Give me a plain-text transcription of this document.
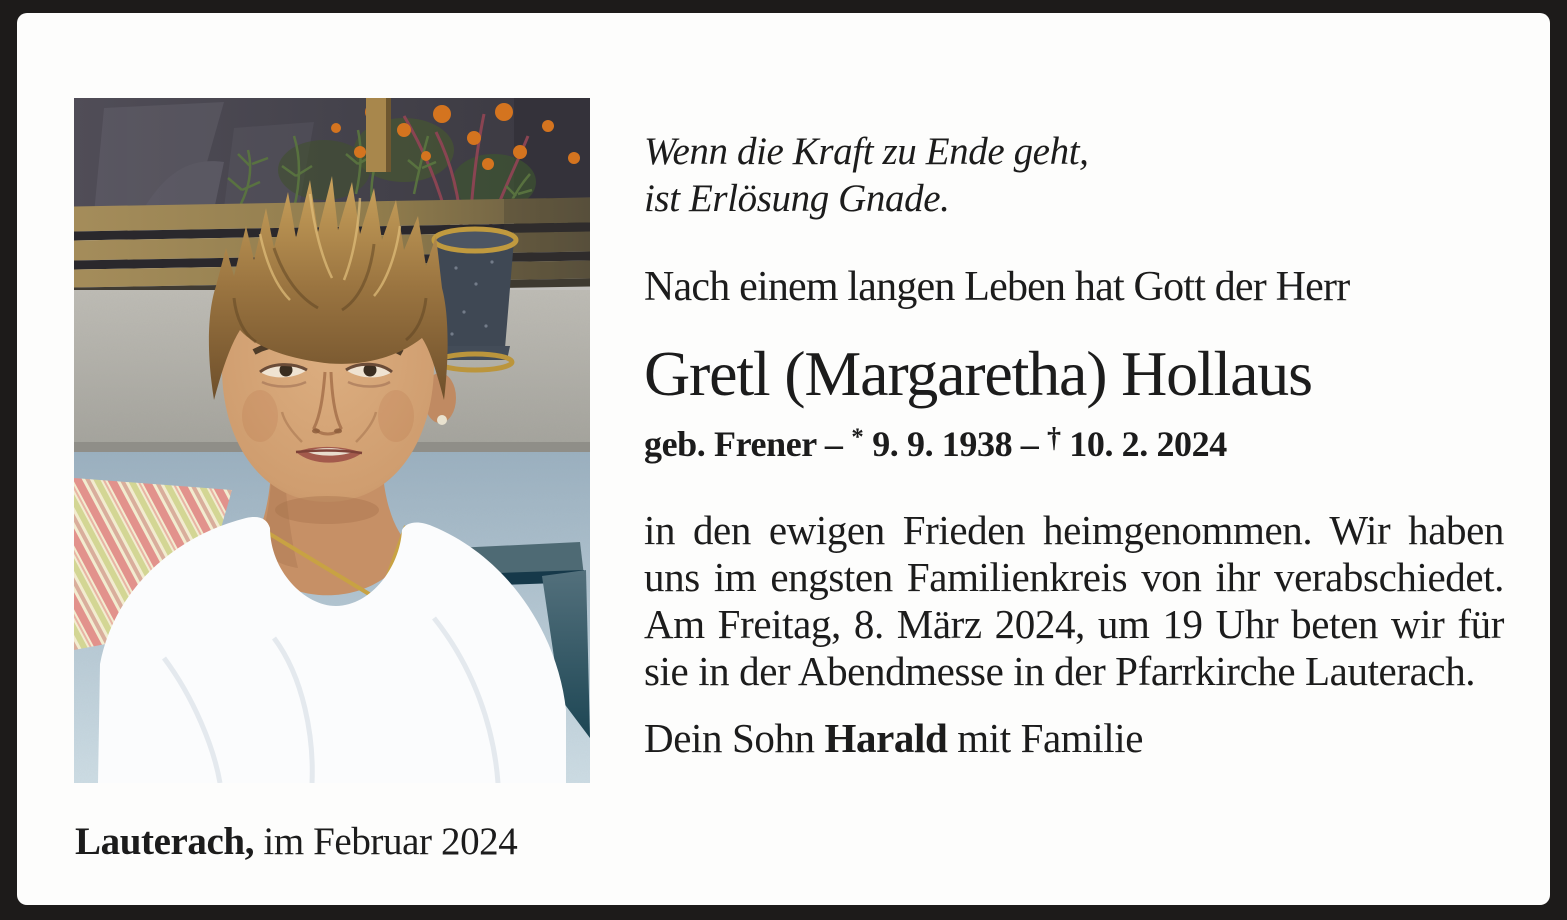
Wenn die Kraft zu Ende geht,
ist Erlösung Gnade.
Nach einem langen Leben hat Gott der Herr
Gretl (Margaretha) Hollaus
geb. Frener – * 9. 9. 1938 – † 10. 2. 2024
in den ewigen Frieden heimgenommen. Wir haben uns im engsten Familienkreis von ihr verabschiedet. Am Freitag, 8. März 2024, um 19 Uhr beten wir für sie in der Abendmesse in der Pfarrkirche Lauterach.
Dein Sohn Harald mit Familie
Lauterach, im Februar 2024
